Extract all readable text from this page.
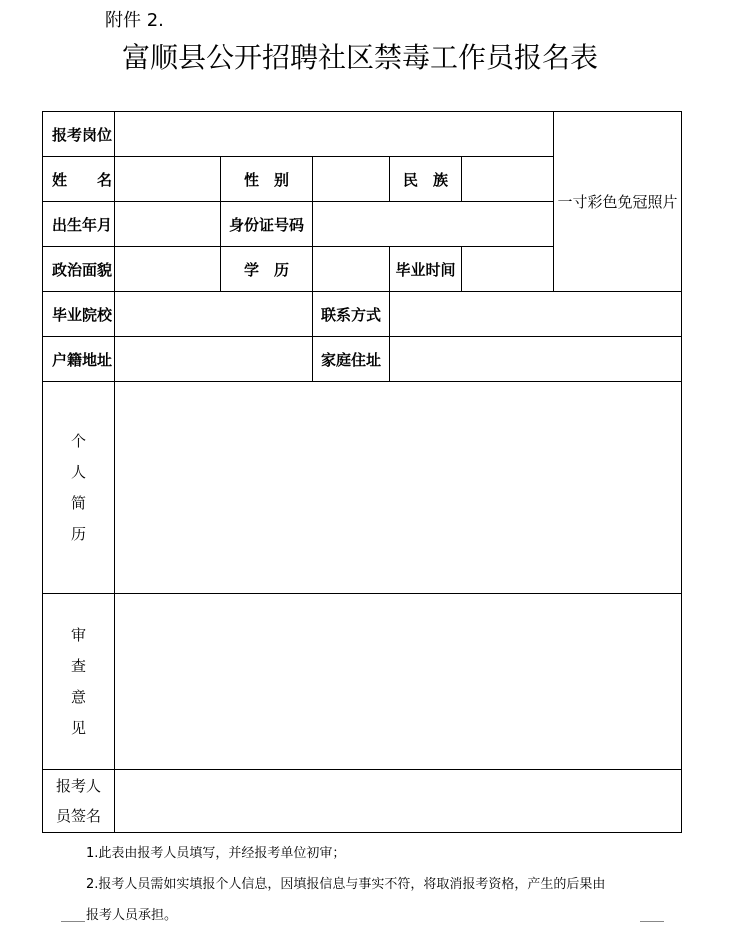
附件 2.
富顺县公开招聘社区禁毒工作员报名表
报考岗位						一寸彩色免冠照片
姓　　名		性　别		民　族		
出生年月		身份证号码				
政治面貌		学　历		毕业时间		
毕业院校			联系方式			
户籍地址			家庭住址			

个
人
简
历						

审
查
意
见						

报考人
员签名						

1.此表由报考人员填写，并经报考单位初审；
2.报考人员需如实填报个人信息，因填报信息与事实不符，将取消报考资格，产生的后果由
报考人员承担。
